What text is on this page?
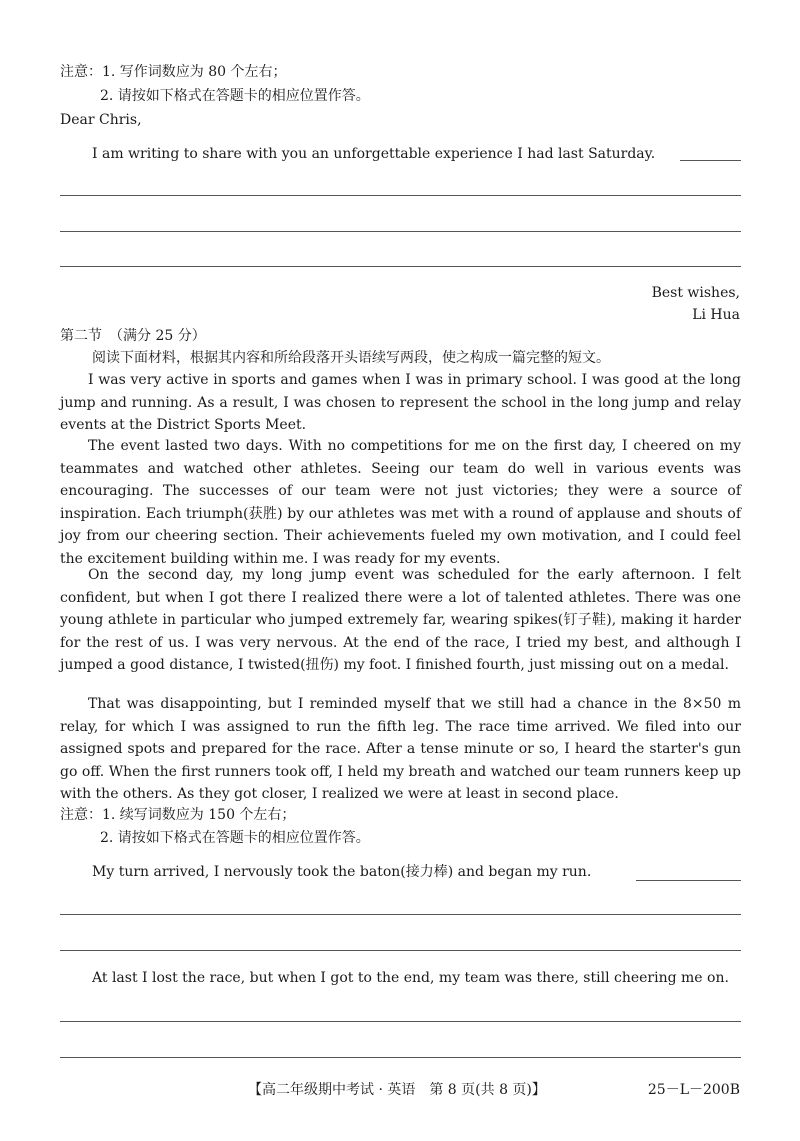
注意：1. 写作词数应为 80 个左右；
2. 请按如下格式在答题卡的相应位置作答。
Dear Chris,
I am writing to share with you an unforgettable experience I had last Saturday.
Best wishes,
Li Hua
第二节　（满分 25 分）
阅读下面材料，根据其内容和所给段落开头语续写两段，使之构成一篇完整的短文。
I was very active in sports and games when I was in primary school. I was good at the long jump and running. As a result, I was chosen to represent the school in the long jump and relay events at the District Sports Meet.
The event lasted two days. With no competitions for me on the first day, I cheered on my teammates and watched other athletes. Seeing our team do well in various events was encouraging. The successes of our team were not just victories; they were a source of inspiration. Each triumph(获胜) by our athletes was met with a round of applause and shouts of joy from our cheering section. Their achievements fueled my own motivation, and I could feel the excitement building within me. I was ready for my events.
On the second day, my long jump event was scheduled for the early afternoon. I felt confident, but when I got there I realized there were a lot of talented athletes. There was one young athlete in particular who jumped extremely far, wearing spikes(钉子鞋), making it harder for the rest of us. I was very nervous. At the end of the race, I tried my best, and although I jumped a good distance, I twisted(扭伤) my foot. I finished fourth, just missing out on a medal.
That was disappointing, but I reminded myself that we still had a chance in the 8×50 m relay, for which I was assigned to run the fifth leg. The race time arrived. We filed into our assigned spots and prepared for the race. After a tense minute or so, I heard the starter's gun go off. When the first runners took off, I held my breath and watched our team runners keep up with the others. As they got closer, I realized we were at least in second place.
注意：1. 续写词数应为 150 个左右；
2. 请按如下格式在答题卡的相应位置作答。
My turn arrived, I nervously took the baton(接力棒) and began my run.
At last I lost the race, but when I got to the end, my team was there, still cheering me on.
【高二年级期中考试 · 英语　第 8 页(共 8 页)】	25－L－200B
